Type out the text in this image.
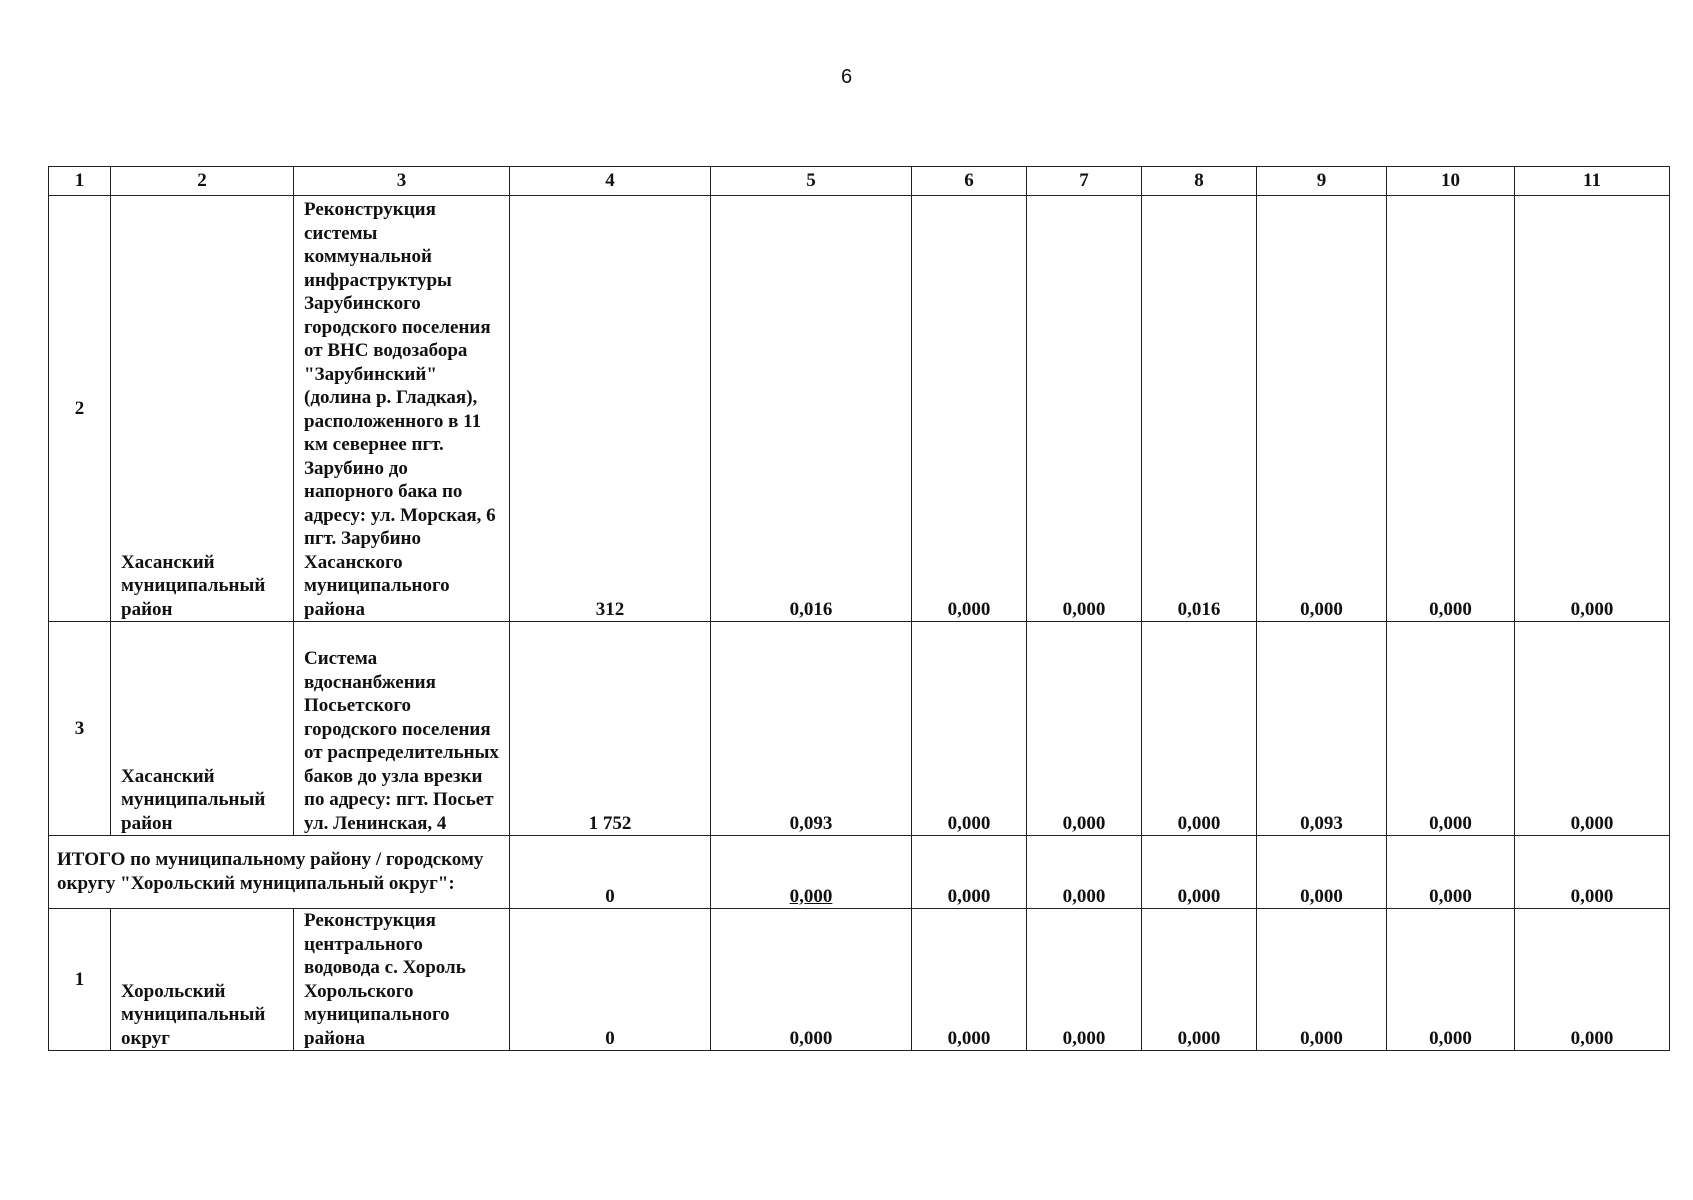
6
1	2	3	4	5	6	7	8	9	10	11
2	Хасанский муниципальный район	Реконструкция системы коммунальной инфраструктуры Зарубинского городского поселения от ВНС водозабора "Зарубинский" (долина р. Гладкая), расположенного в 11 км севернее пгт. Зарубино до напорного бака по адресу: ул. Морская, 6 пгт. Зарубино Хасанского муниципального района	312	0,016	0,000	0,000	0,016	0,000	0,000	0,000
3	Хасанский муниципальный район	Система вдоснанбжения Посьетского городского поселения от распределительных баков до узла врезки по адресу: пгт. Посьет ул. Ленинская, 4	1 752	0,093	0,000	0,000	0,000	0,093	0,000	0,000
ИТОГО по муниципальному району / городскому округу "Хорольский муниципальный округ":			0	0,000	0,000	0,000	0,000	0,000	0,000	0,000
1	Хорольский муниципальный округ	Реконструкция центрального водовода с. Хороль Хорольского муниципального района	0	0,000	0,000	0,000	0,000	0,000	0,000	0,000
